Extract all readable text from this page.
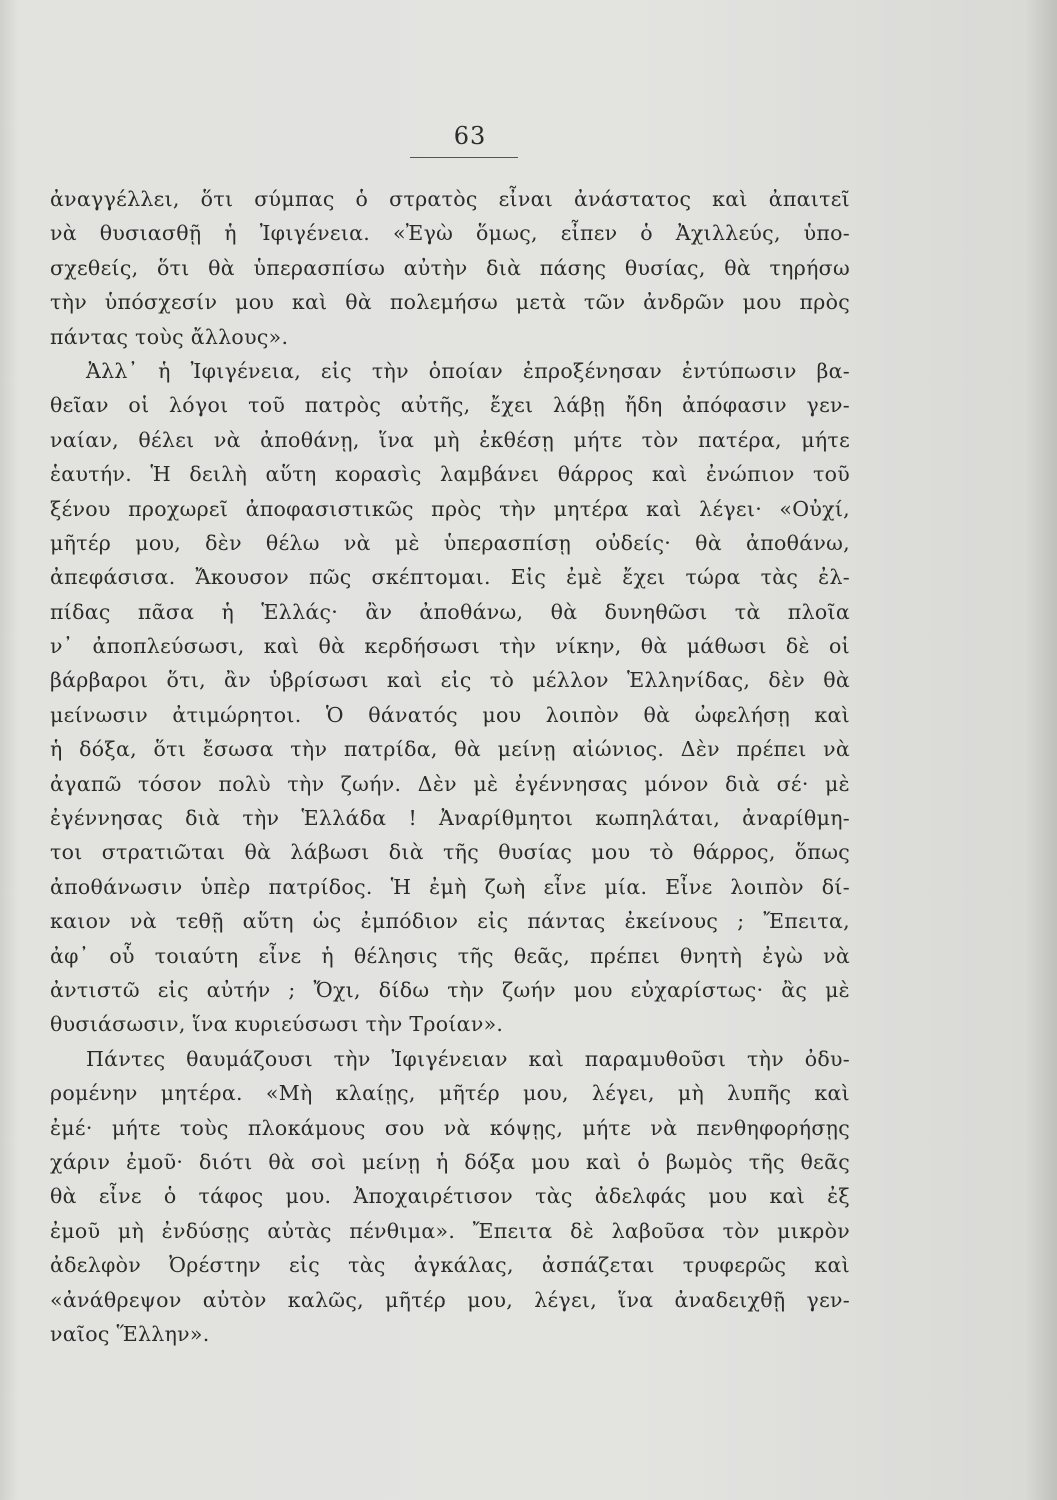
63
ἀναγγέλλει, ὅτι σύμπας ὁ στρατὸς εἶναι ἀνάστατος καὶ ἀπαιτεῖ
νὰ θυσιασθῇ ἡ Ἰφιγένεια. «Ἐγὼ ὅμως, εἶπεν ὁ Ἀχιλλεύς, ὑπο-
σχεθείς, ὅτι θὰ ὑπερασπίσω αὐτὴν διὰ πάσης θυσίας, θὰ τηρήσω
τὴν ὑπόσχεσίν μου καὶ θὰ πολεμήσω μετὰ τῶν ἀνδρῶν μου πρὸς
πάντας τοὺς ἄλλους».
Ἀλλ᾿ ἡ Ἰφιγένεια, εἰς τὴν ὁποίαν ἐπροξένησαν ἐντύπωσιν βα-
θεῖαν οἱ λόγοι τοῦ πατρὸς αὐτῆς, ἔχει λάβῃ ἤδη ἀπόφασιν γεν-
ναίαν, θέλει νὰ ἀποθάνῃ, ἵνα μὴ ἐκθέσῃ μήτε τὸν πατέρα, μήτε
ἑαυτήν. Ἡ δειλὴ αὕτη κορασὶς λαμβάνει θάρρος καὶ ἐνώπιον τοῦ
ξένου προχωρεῖ ἀποφασιστικῶς πρὸς τὴν μητέρα καὶ λέγει· «Οὐχί,
μῆτέρ μου, δὲν θέλω νὰ μὲ ὑπερασπίσῃ οὐδείς· θὰ ἀποθάνω,
ἀπεφάσισα. Ἄκουσον πῶς σκέπτομαι. Εἰς ἐμὲ ἔχει τώρα τὰς ἐλ-
πίδας πᾶσα ἡ Ἑλλάς· ἂν ἀποθάνω, θὰ δυνηθῶσι τὰ πλοῖα
ν᾿ ἀποπλεύσωσι, καὶ θὰ κερδήσωσι τὴν νίκην, θὰ μάθωσι δὲ οἱ
βάρβαροι ὅτι, ἂν ὑβρίσωσι καὶ εἰς τὸ μέλλον Ἑλληνίδας, δὲν θὰ
μείνωσιν ἀτιμώρητοι. Ὁ θάνατός μου λοιπὸν θὰ ὠφελήσῃ καὶ
ἡ δόξα, ὅτι ἔσωσα τὴν πατρίδα, θὰ μείνῃ αἰώνιος. Δὲν πρέπει νὰ
ἀγαπῶ τόσον πολὺ τὴν ζωήν. Δὲν μὲ ἐγέννησας μόνον διὰ σέ· μὲ
ἐγέννησας διὰ τὴν Ἑλλάδα ! Ἀναρίθμητοι κωπηλάται, ἀναρίθμη-
τοι στρατιῶται θὰ λάβωσι διὰ τῆς θυσίας μου τὸ θάρρος, ὅπως
ἀποθάνωσιν ὑπὲρ πατρίδος. Ἡ ἐμὴ ζωὴ εἶνε μία. Εἶνε λοιπὸν δί-
καιον νὰ τεθῇ αὕτη ὡς ἐμπόδιον εἰς πάντας ἐκείνους ; Ἔπειτα,
ἀφ᾿ οὗ τοιαύτη εἶνε ἡ θέλησις τῆς θεᾶς, πρέπει θνητὴ ἐγὼ νὰ
ἀντιστῶ εἰς αὐτήν ; Ὄχι, δίδω τὴν ζωήν μου εὐχαρίστως· ἂς μὲ
θυσιάσωσιν, ἵνα κυριεύσωσι τὴν Τροίαν».
Πάντες θαυμάζουσι τὴν Ἰφιγένειαν καὶ παραμυθοῦσι τὴν ὀδυ-
ρομένην μητέρα. «Μὴ κλαίῃς, μῆτέρ μου, λέγει, μὴ λυπῆς καὶ
ἐμέ· μήτε τοὺς πλοκάμους σου νὰ κόψῃς, μήτε νὰ πενθηφορήσῃς
χάριν ἐμοῦ· διότι θὰ σοὶ μείνῃ ἡ δόξα μου καὶ ὁ βωμὸς τῆς θεᾶς
θὰ εἶνε ὁ τάφος μου. Ἀποχαιρέτισον τὰς ἀδελφάς μου καὶ ἐξ
ἐμοῦ μὴ ἐνδύσῃς αὐτὰς πένθιμα». Ἔπειτα δὲ λαβοῦσα τὸν μικρὸν
ἀδελφὸν Ὀρέστην εἰς τὰς ἀγκάλας, ἀσπάζεται τρυφερῶς καὶ
«ἀνάθρεψον αὐτὸν καλῶς, μῆτέρ μου, λέγει, ἵνα ἀναδειχθῇ γεν-
ναῖος Ἕλλην».
